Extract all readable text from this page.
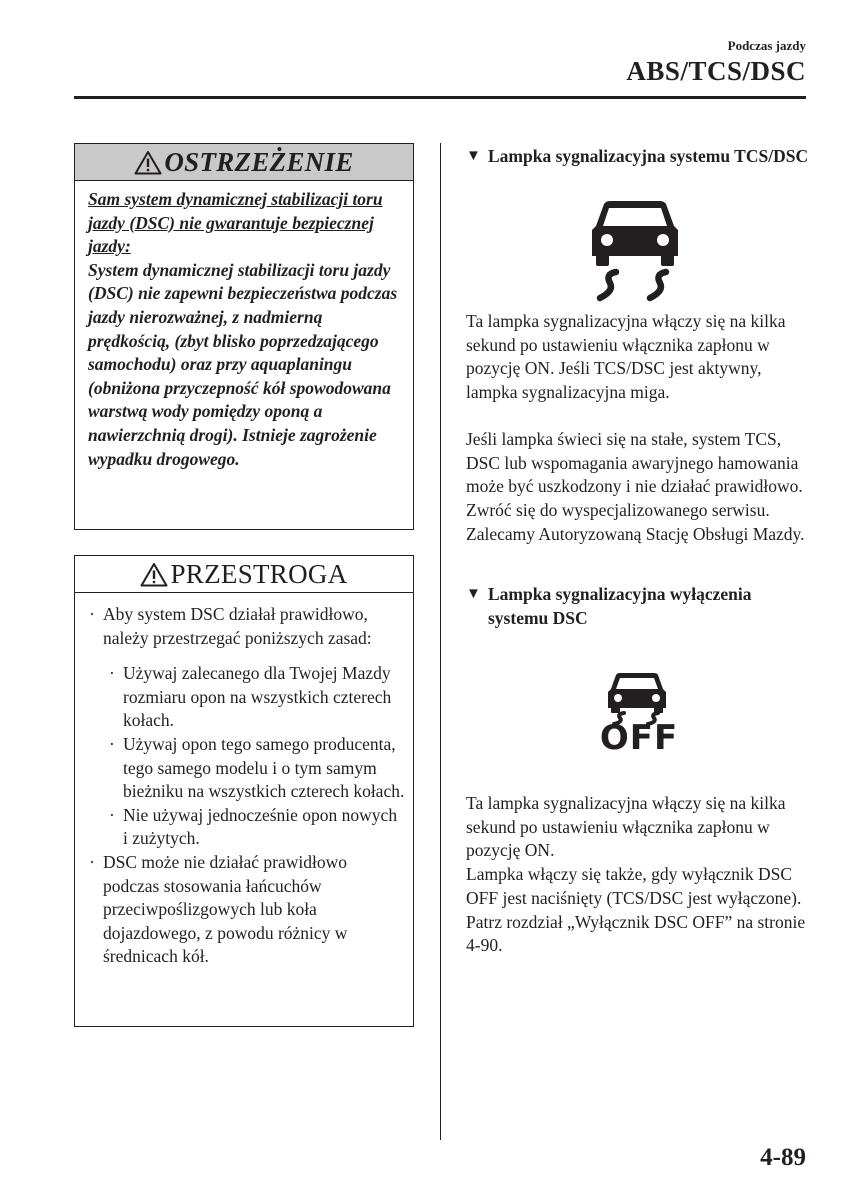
Podczas jazdy
ABS/TCS/DSC
OSTRZEŻENIE
Sam system dynamicznej stabilizacji toru jazdy (DSC) nie gwarantuje bezpiecznej jazdy:
System dynamicznej stabilizacji toru jazdy (DSC) nie zapewni bezpieczeństwa podczas jazdy nierozważnej, z nadmierną prędkością, (zbyt blisko poprzedzającego samochodu) oraz przy aquaplaningu (obniżona przyczepność kół spowodowana warstwą wody pomiędzy oponą a nawierzchnią drogi). Istnieje zagrożenie wypadku drogowego.
PRZESTROGA
· Aby system DSC działał prawidłowo, należy przestrzegać poniższych zasad:
· Używaj zalecanego dla Twojej Mazdy rozmiaru opon na wszystkich czterech kołach.
· Używaj opon tego samego producenta, tego samego modelu i o tym samym bieżniku na wszystkich czterech kołach.
· Nie używaj jednocześnie opon nowych i zużytych.
· DSC może nie działać prawidłowo podczas stosowania łańcuchów przeciwpoślizgowych lub koła dojazdowego, z powodu różnicy w średnicach kół.
▼ Lampka sygnalizacyjna systemu TCS/DSC
Ta lampka sygnalizacyjna włączy się na kilka sekund po ustawieniu włącznika zapłonu w pozycję ON. Jeśli TCS/DSC jest aktywny, lampka sygnalizacyjna miga.
Jeśli lampka świeci się na stałe, system TCS, DSC lub wspomagania awaryjnego hamowania może być uszkodzony i nie działać prawidłowo. Zwróć się do wyspecjalizowanego serwisu. Zalecamy Autoryzowaną Stację Obsługi Mazdy.
▼ Lampka sygnalizacyjna wyłączenia systemu DSC
OFF
Ta lampka sygnalizacyjna włączy się na kilka sekund po ustawieniu włącznika zapłonu w pozycję ON.
Lampka włączy się także, gdy wyłącznik DSC OFF jest naciśnięty (TCS/DSC jest wyłączone).
Patrz rozdział „Wyłącznik DSC OFF” na stronie 4-90.
4-89
